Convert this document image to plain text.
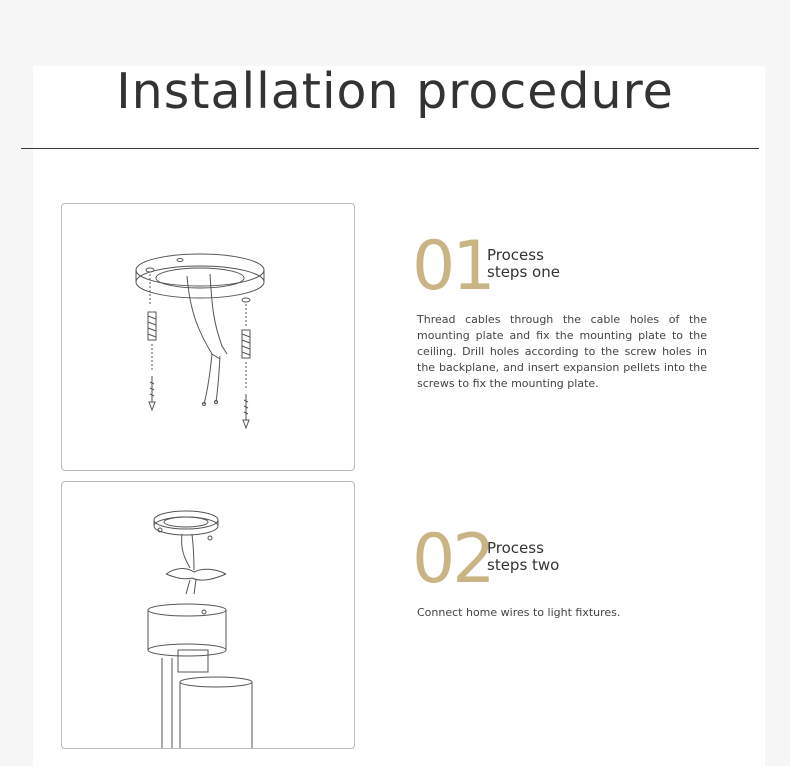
Installation procedure
01
Process
steps one

Thread cables through the cable holes of the mounting plate and fix the mounting plate to the ceiling. Drill holes according to the screw holes in the backplane, and insert expansion pellets into the screws to fix the mounting plate.

02
Process
steps two

Connect home wires to light fixtures.
